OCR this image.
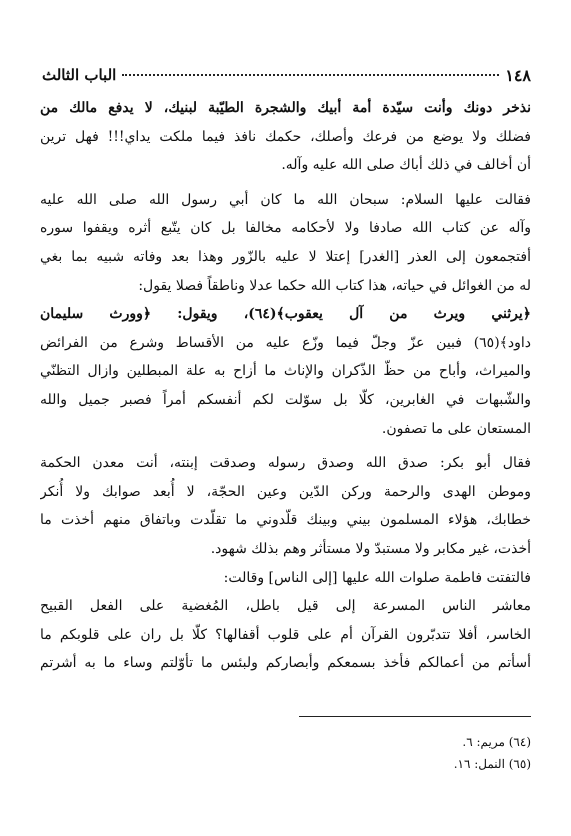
١٤٨
الباب الثالث
نذخر دونك وأنت سيّدة أمة أبيك والشجرة الطيّبة لبنيك، لا يدفع مالك من
فضلك ولا يوضع من فرعك وأصلك، حكمك نافذ فيما ملكت يداي!!! فهل ترين
أن أخالف في ذلك أباك صلى الله عليه وآله.
فقالت عليها السلام: سبحان الله ما كان أبي رسول الله صلى الله عليه
وآله عن كتاب الله صادفا ولا لأحكامه مخالفا بل كان يتّبع أثره ويقفوا سوره
أفتجمعون إلى العذر [الغدر] إعتلا لا عليه بالزّور وهذا بعد وفاته شبيه بما بغي
له من الغوائل في حياته، هذا كتاب الله حكما عدلا وناطقاً فصلا يقول:
﴿يرثني ويرث من آل يعقوب﴾(٦٤)، ويقول: ﴿وورث سليمان
داود﴾(٦٥) فبين عزّ وجلّ فيما وزّع عليه من الأقساط وشرع من الفرائض
والميراث، وأباح من حظّ الذّكران والإناث ما أزاح به علة المبطلين وازال التظنّي
والشّبهات في الغابرين، كلّا بل سوّلت لكم أنفسكم أمراً فصبر جميل والله
المستعان على ما تصفون.
فقال أبو بكر: صدق الله وصدق رسوله وصدقت إبنته، أنت معدن الحكمة
وموطن الهدى والرحمة وركن الدّين وعين الحجّة، لا أُبعد صوابك ولا أُنكر
خطابك، هؤلاء المسلمون بيني وبينك قلّدوني ما تقلّدت وباتفاق منهم أخذت ما
أخذت، غير مكابر ولا مستبدّ ولا مستأثر وهم بذلك شهود.
فالتفتت فاطمة صلوات الله عليها [إلى الناس] وقالت:
معاشر الناس المسرعة إلى قيل باطل، المُغضية على الفعل القبيح
الخاسر، أفلا تتدبّرون القرآن أم على قلوب أقفالها؟ كلّا بل ران على قلوبكم ما
أسأتم من أعمالكم فأخذ بسمعكم وأبصاركم ولبئس ما تأوّلتم وساء ما به أشرتم
(٦٤) مريم: ٦.
(٦٥) النمل: ١٦.
